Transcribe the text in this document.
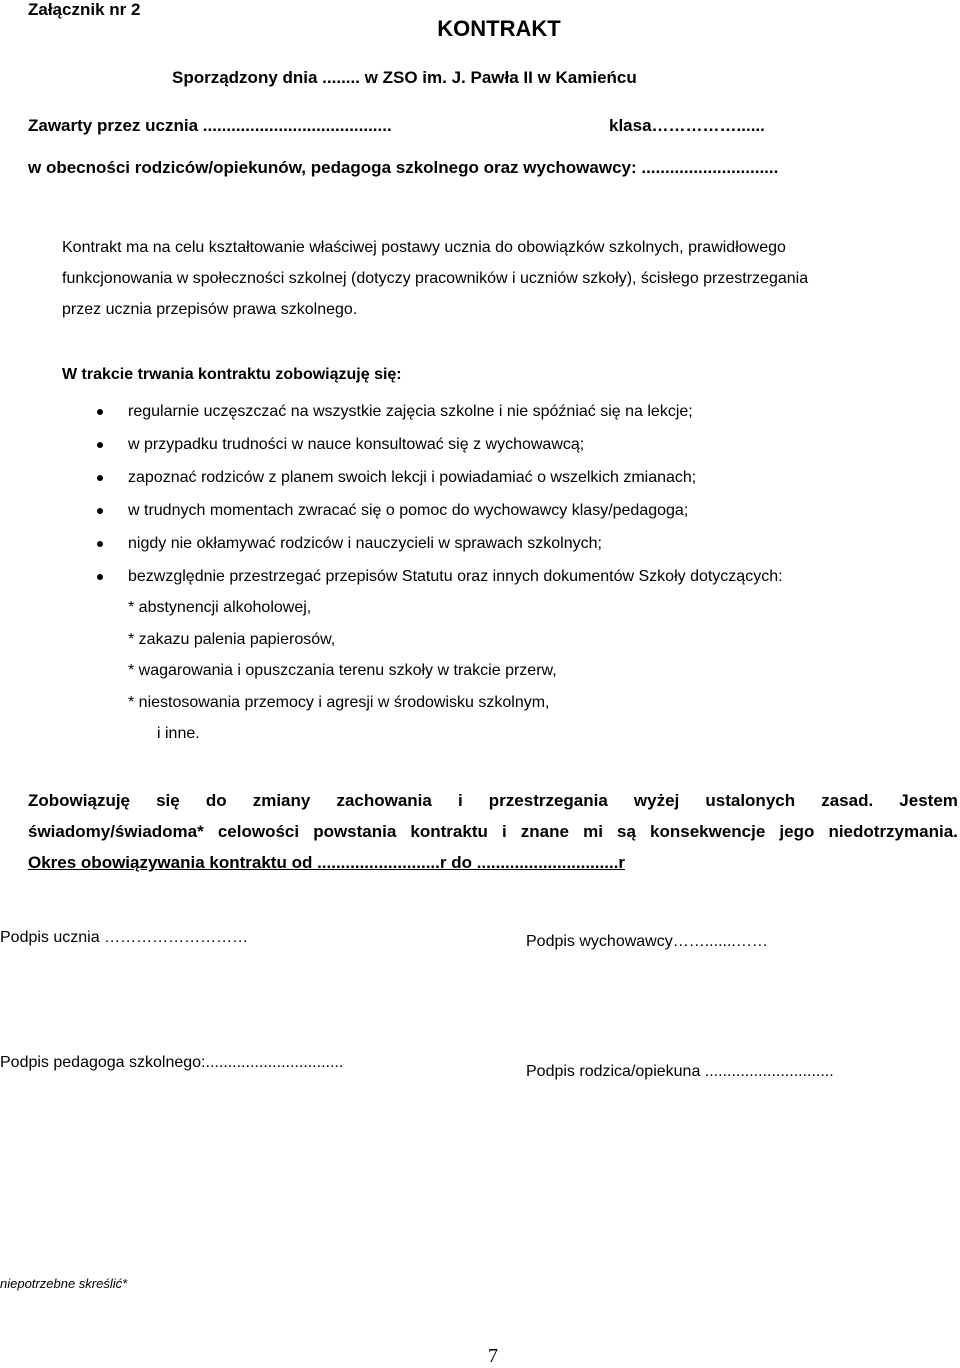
Załącznik nr 2
KONTRAKT
Sporządzony dnia ........ w ZSO im. J. Pawła II w Kamieńcu
Zawarty przez ucznia ........................................	klasa……………......
w obecności rodziców/opiekunów, pedagoga szkolnego oraz wychowawcy: .............................
Kontrakt ma na celu kształtowanie właściwej postawy ucznia do obowiązków szkolnych, prawidłowego
funkcjonowania w społeczności szkolnej (dotyczy pracowników i uczniów szkoły), ścisłego przestrzegania
przez ucznia przepisów prawa szkolnego.
W trakcie trwania kontraktu zobowiązuję się:
regularnie uczęszczać na wszystkie zajęcia szkolne i nie spóźniać się na lekcje;
w przypadku trudności w nauce konsultować się z wychowawcą;
zapoznać rodziców z planem swoich lekcji i powiadamiać o wszelkich zmianach;
w trudnych momentach zwracać się o pomoc do wychowawcy klasy/pedagoga;
nigdy nie okłamywać rodziców i nauczycieli w sprawach szkolnych;
bezwzględnie przestrzegać przepisów Statutu oraz innych dokumentów Szkoły dotyczących:
* abstynencji alkoholowej,
* zakazu palenia papierosów,
* wagarowania i opuszczania terenu szkoły w trakcie przerw,
* niestosowania przemocy i agresji w środowisku szkolnym,
i inne.
Zobowiązuję się do zmiany zachowania i przestrzegania wyżej ustalonych zasad. Jestem
świadomy/świadoma* celowości powstania kontraktu i znane mi są konsekwencje jego niedotrzymania.
Okres obowiązywania kontraktu od ..........................r do ..............................r
Podpis ucznia ………………………	Podpis wychowawcy…….......……
Podpis pedagoga szkolnego:...............................
Podpis rodzica/opiekuna .............................
niepotrzebne skreślić*
7
